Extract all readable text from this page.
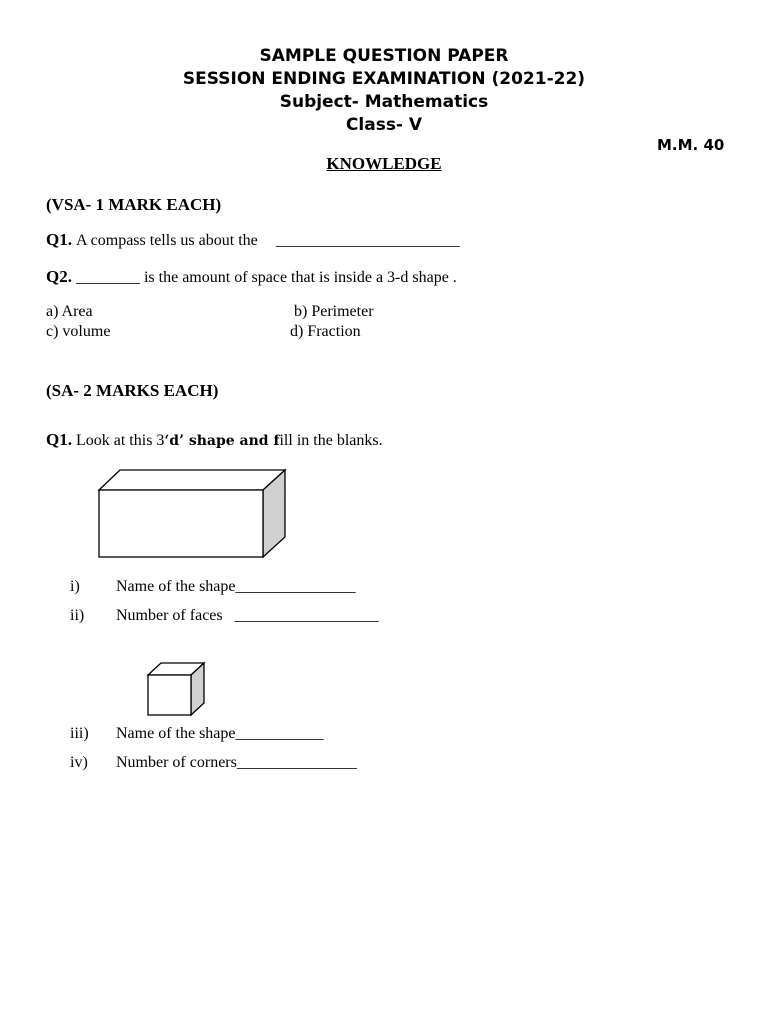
SAMPLE QUESTION PAPER
SESSION ENDING EXAMINATION (2021-22)
Subject- Mathematics
Class- V
M.M. 40
KNOWLEDGE
(VSA- 1 MARK EACH)
Q1. A compass tells us about the _______________________
Q2. ________ is the amount of space that is inside a 3-d shape .
a) Area	b) Perimeter
c) volume	d) Fraction
(SA- 2 MARKS EACH)
Q1. Look at this 3‘d’ shape and fill in the blanks.
i) Name of the shape_______________
ii) Number of faces __________________
iii) Name of the shape___________
iv) Number of corners_______________
